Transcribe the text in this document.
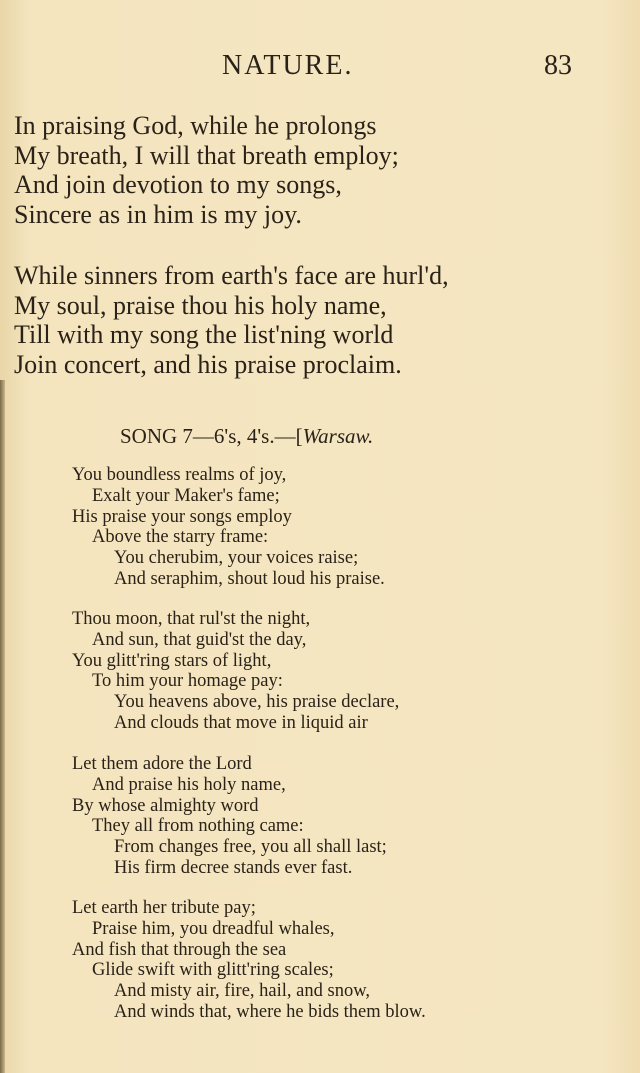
NATURE.	83
In praising God, while he prolongs
My breath, I will that breath employ;
And join devotion to my songs,
Sincere as in him is my joy.
While sinners from earth's face are hurl'd,
My soul, praise thou his holy name,
Till with my song the list'ning world
Join concert, and his praise proclaim.
SONG 7—6's, 4's.—[Warsaw.
You boundless realms of joy,
Exalt your Maker's fame;
His praise your songs employ
Above the starry frame:
You cherubim, your voices raise;
And seraphim, shout loud his praise.
Thou moon, that rul'st the night,
And sun, that guid'st the day,
You glitt'ring stars of light,
To him your homage pay:
You heavens above, his praise declare,
And clouds that move in liquid air
Let them adore the Lord
And praise his holy name,
By whose almighty word
They all from nothing came:
From changes free, you all shall last;
His firm decree stands ever fast.
Let earth her tribute pay;
Praise him, you dreadful whales,
And fish that through the sea
Glide swift with glitt'ring scales;
And misty air, fire, hail, and snow,
And winds that, where he bids them blow.
